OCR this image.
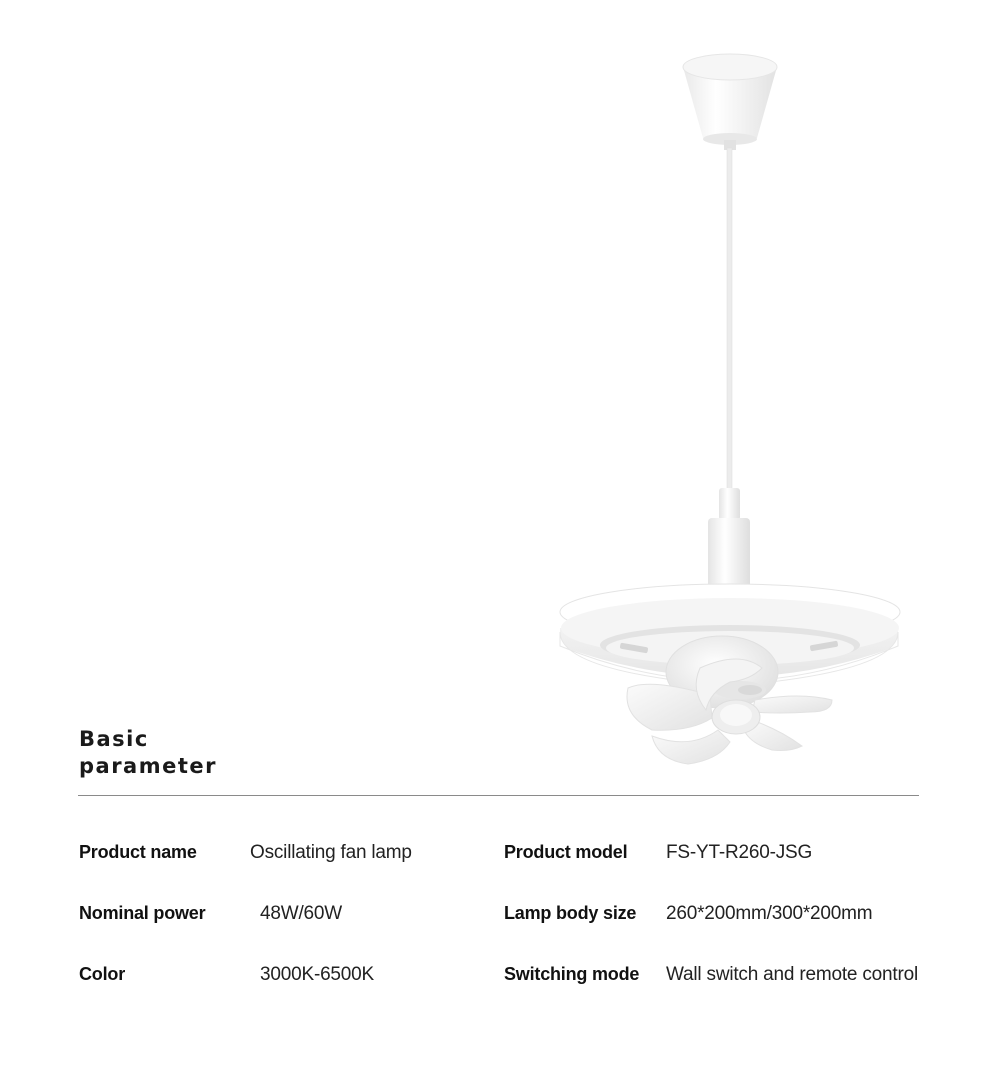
Basic
parameter
Product name	Oscillating fan lamp	Product model FS-YT-R260-JSG
Nominal power	48W/60W	Lamp body size 260*200mm/300*200mm
Color	3000K-6500K	Switching mode Wall switch and remote control
